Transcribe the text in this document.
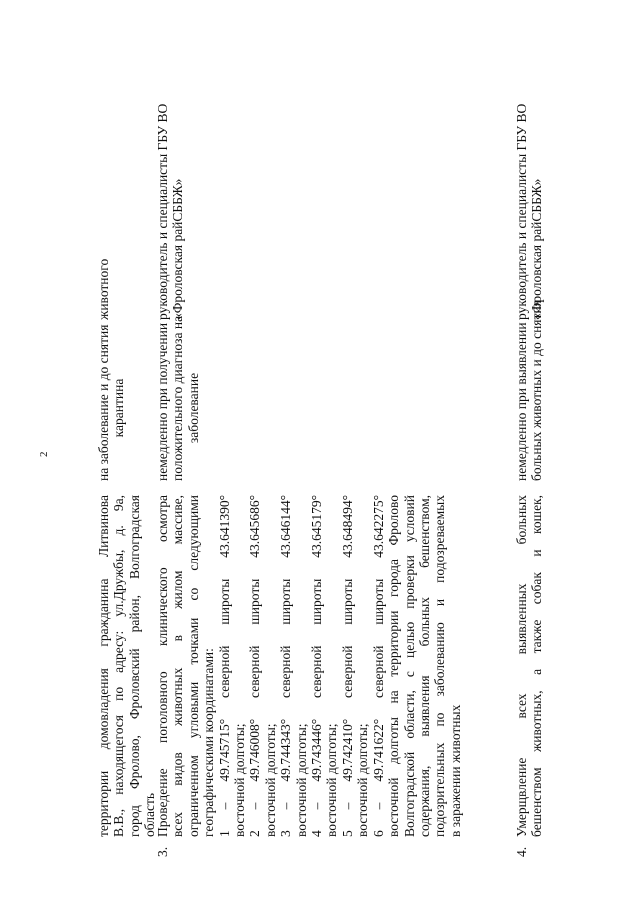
2
территории домовладения гражданина Литвинова В.В., находящегося по адресу: ул.Дружбы, д. 9а, город Фролово, Фроловский район, Волгоградская область
на заболевание и до снятия карантина
животного
3.
Проведение поголовного клинического осмотра всех видов животных в жилом массиве, ограниченном угловыми точками со следующими географическими координатами: 1 – 49.745715° северной широты 43.641390° восточной долготы; 2 – 49.746008° северной широты 43.645686° восточной долготы; 3 – 49.744343° северной широты 43.646144° восточной долготы; 4 – 49.743446° северной широты 43.645179° восточной долготы; 5 – 49.742410° северной широты 43.648494° восточной долготы; 6 – 49.741622° северной широты 43.642275° восточной долготы на территории города Фролово Волгоградской области, с целью проверки условий содержания, выявления больных бешенством, подозрительных по заболеванию и подозреваемых в заражении животных
немедленно при получении положительного диагноза на заболевание
руководитель и специалисты ГБУ ВО «Фроловская райСББЖ»
4.
Умерщвление всех выявленных больных бешенством животных, а также собак и кошек,
немедленно при выявлении больных животных и до снятия
руководитель и специалисты ГБУ ВО «Фроловская райСББЖ»
